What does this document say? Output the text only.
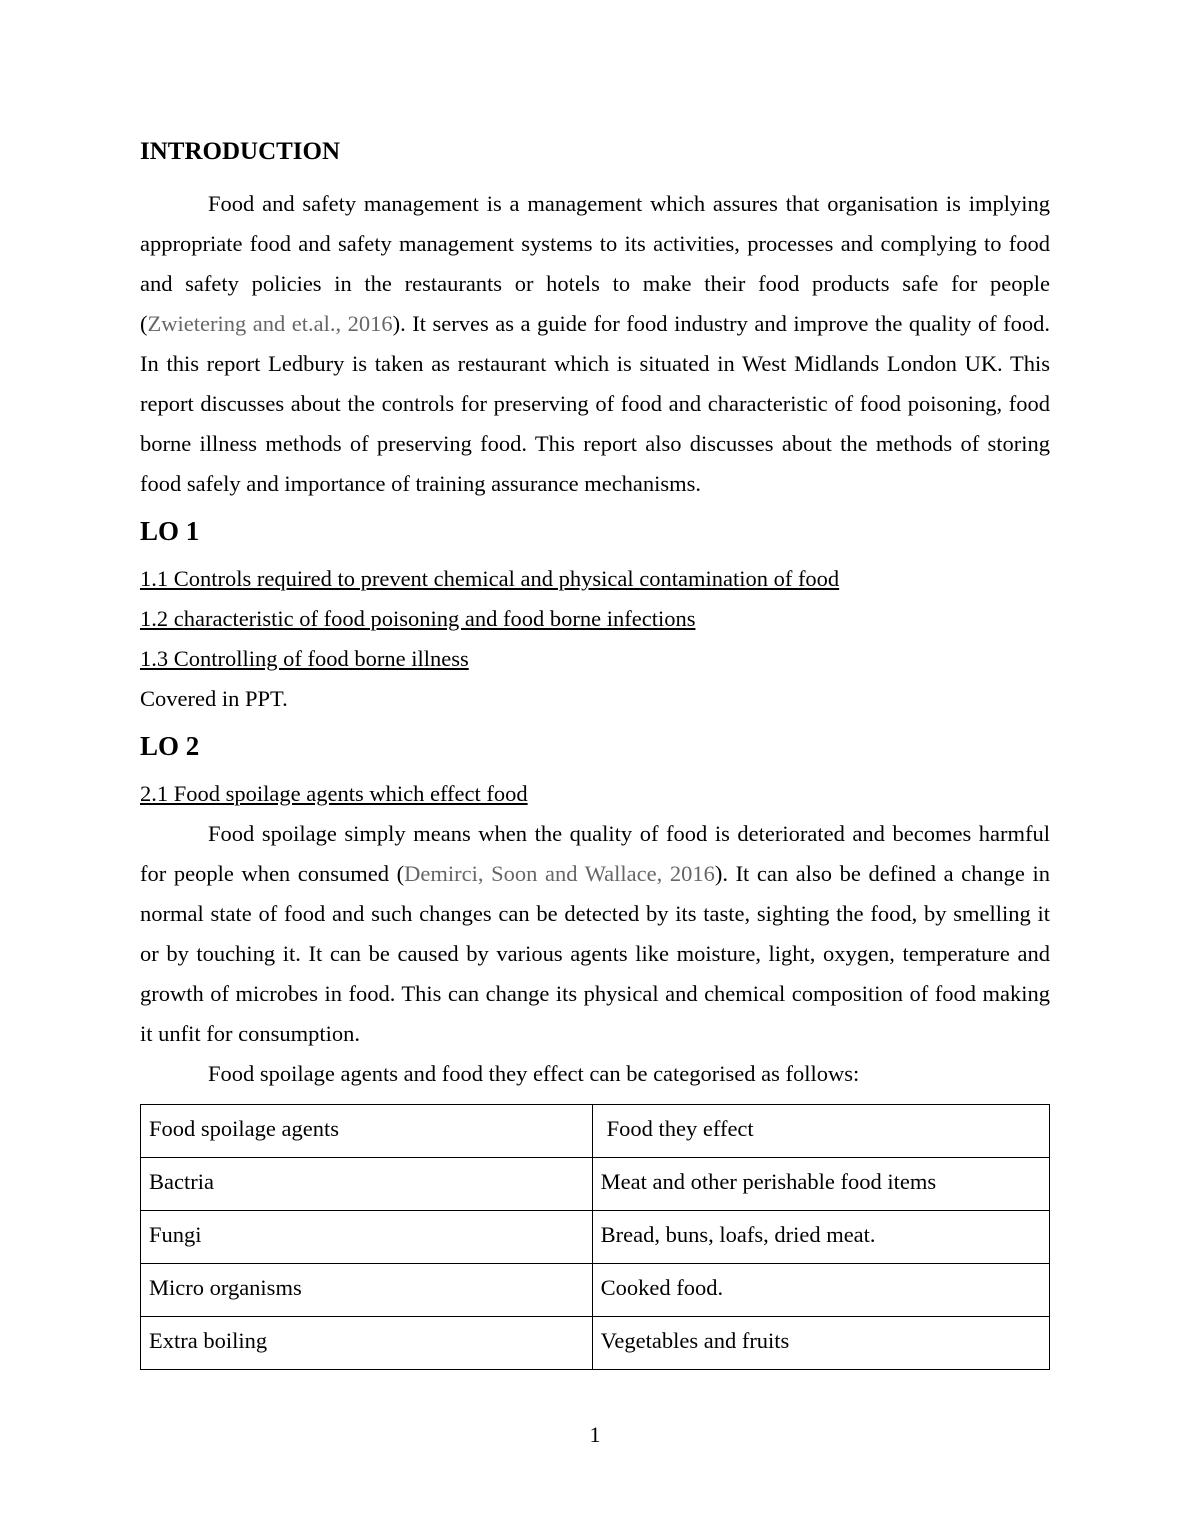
INTRODUCTION

Food and safety management is a management which assures that organisation is implying appropriate food and safety management systems to its activities, processes and complying to food and safety policies in the restaurants or hotels to make their food products safe for people (Zwietering and et.al., 2016). It serves as a guide for food industry and improve the quality of food. In this report Ledbury is taken as restaurant which is situated in West Midlands London UK. This report discusses about the controls for preserving of food and characteristic of food poisoning, food borne illness methods of preserving food. This report also discusses about the methods of storing food safely and importance of training assurance mechanisms.

LO 1

1.1 Controls required to prevent chemical and physical contamination of food

1.2 characteristic of food poisoning and food borne infections

1.3 Controlling of food borne illness

Covered in PPT.

LO 2

2.1 Food spoilage agents which effect food

Food spoilage simply means when the quality of food is deteriorated and becomes harmful for people when consumed (Demirci, Soon and Wallace, 2016). It can also be defined a change in normal state of food and such changes can be detected by its taste, sighting the food, by smelling it or by touching it. It can be caused by various agents like moisture, light, oxygen, temperature and growth of microbes in food. This can change its physical and chemical composition of food making it unfit for consumption.

Food spoilage agents and food they effect can be categorised as follows:

Food spoilage agents	Food they effect
Bactria	Meat and other perishable food items
Fungi	Bread, buns, loafs, dried meat.
Micro organisms	Cooked food.
Extra boiling	Vegetables and fruits
1
